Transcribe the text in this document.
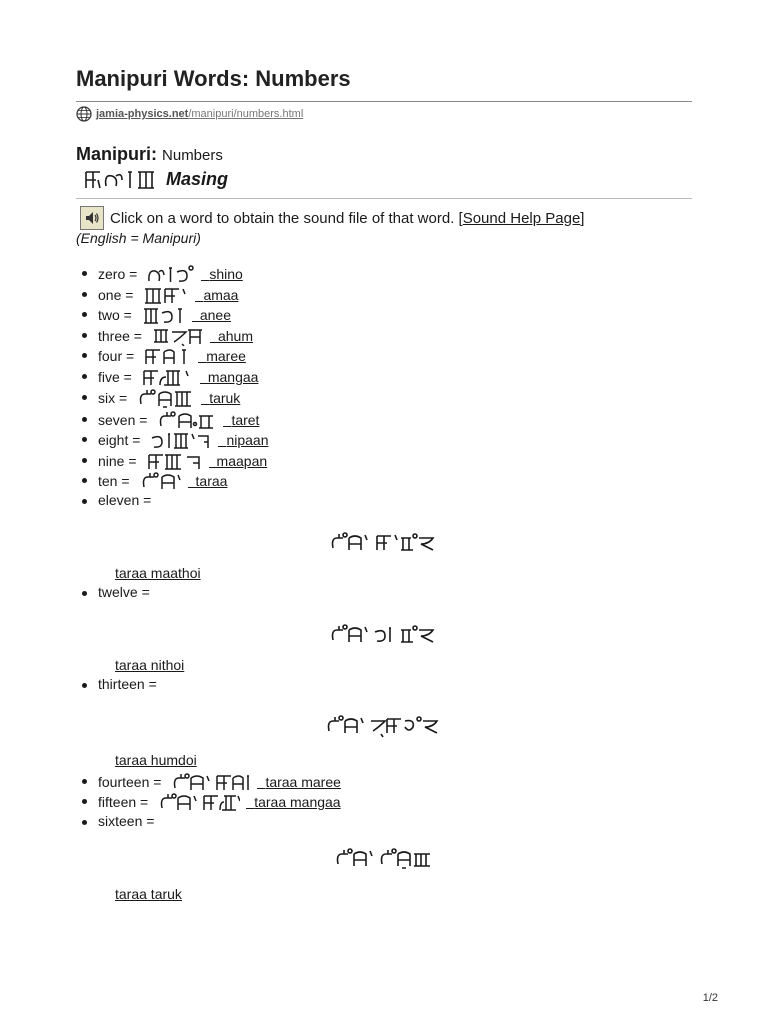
Manipuri Words: Numbers
jamia-physics.net /manipuri/numbers.html
Manipuri: Numbers
Masing
Click on a word to obtain the sound file of that word. [ Sound Help Page ]
(English = Manipuri)
zero =	shino
one =	amaa
two =	anee
three =	ahum
four =	maree
five =	mangaa
six =	taruk
seven =	taret
eight =	nipaan
nine =	maapan
ten =	taraa
eleven =
taraa maathoi
twelve =
taraa nithoi
thirteen =
taraa humdoi
fourteen =	taraa maree
fifteen =	taraa mangaa
sixteen =
taraa taruk
1/2
